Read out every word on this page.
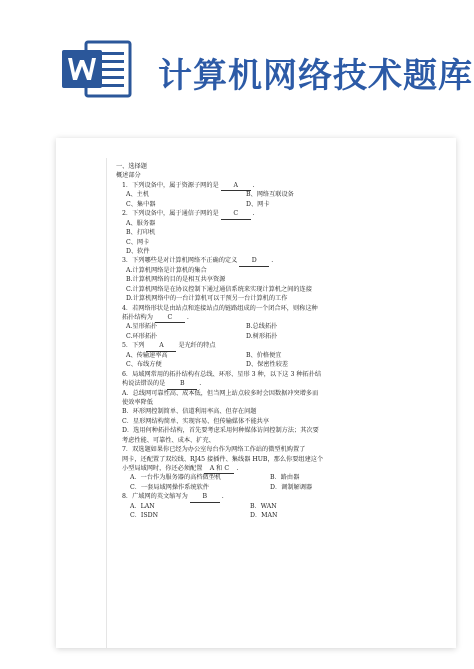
计算机网络技术题库
一、选择题
概述部分
1．下列设备中，属于资源子网的是 A .
A、主机	B、网络互联设备
C、集中器	D、网卡
2．下列设备中，属于通信子网的是 C .
A、服务器
B、打印机
C、网卡
D、软件
3．下列哪些是对计算机网络不正确的定义 D .
A.计算机网络是计算机的集合
B.计算机网络的目的是相互共享资源
C.计算机网络是在协议控制下通过通信系统来实现计算机之间的连接
D.计算机网络中的一台计算机可以干预另一台计算机的工作
4．若网络形状是由站点和连接站点的链路组成的一个闭合环，则称这种
拓扑结构为 C .
A.星形拓扑	B.总线拓扑
C.环形拓扑	D.树形拓扑
5．下列 A 是光纤的特点
A、传输速率高	B、价格便宜
C、布线方便	D、保密性较差
6．局域网常用的拓扑结构有总线、环形、星形 3 种，以下这 3 种拓扑结
构说法错误的是 B .
A．总线网可靠性高、成本低，但当网上站点较多时会因数据冲突增多而
使效率降低
B．环形网控制简单、信道利用率高、但存在问题
C．星形网结构简单、实现容易、但传输媒体不能共享
D．选用何种拓扑结构，首先要考虑采用何种媒体访问控制方法；其次要
考虑性能、可靠性、成本、扩充、
7．双选题如果你已经为办公室每台作为网络工作站的微型机购置了
网卡，还配置了双绞线、RJ45 接插件、集线器 HUB，那么你要组建这个
小型局域网时，你还必须配置 A 和 C .
A．一台作为服务器的高档微型机	B．路由器
C．一套局域网操作系统软件	D．调制解调器
8．广域网的英文缩写为 B .
A．LAN	B．WAN
C．ISDN	D．MAN
